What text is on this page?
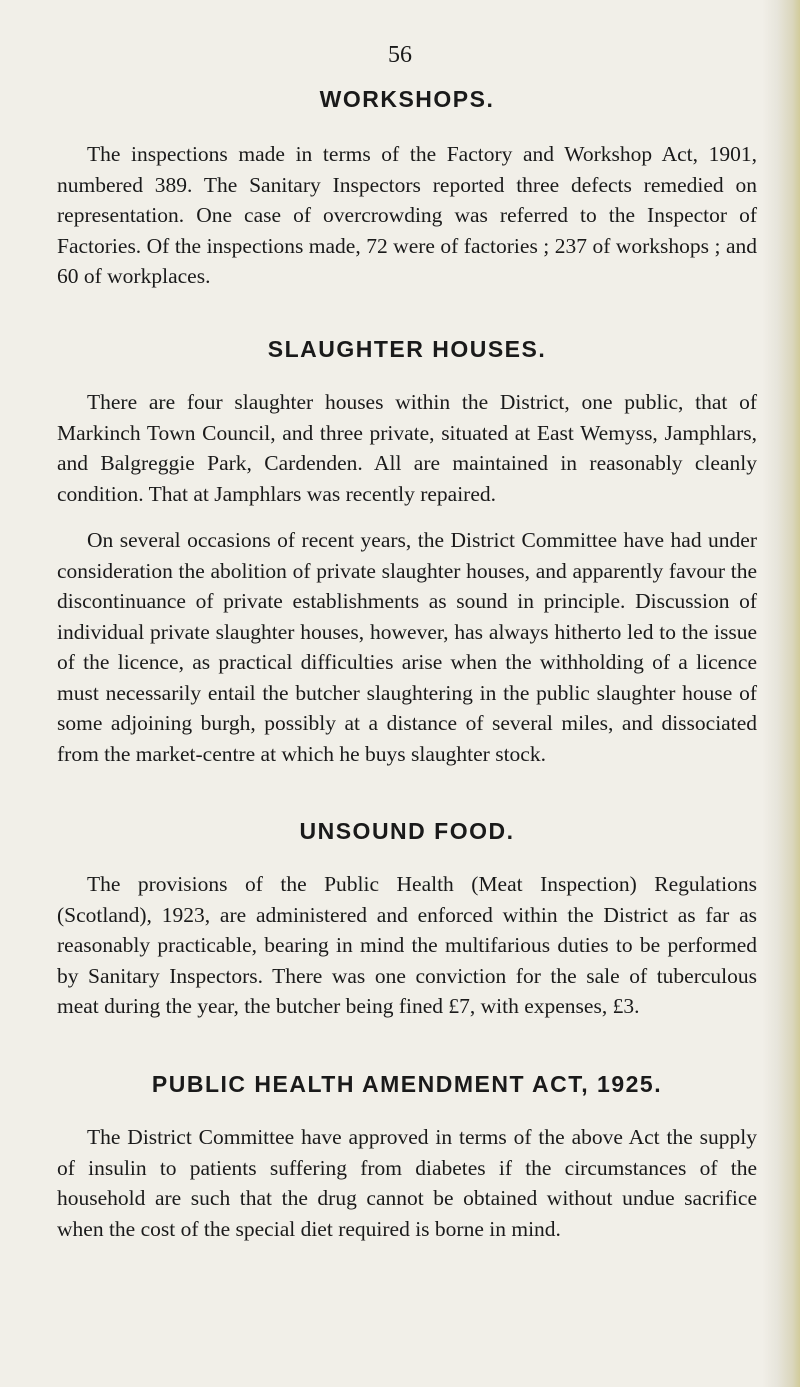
56
WORKSHOPS.

The inspections made in terms of the Factory and Workshop Act, 1901, numbered 389. The Sanitary Inspectors reported three defects remedied on representation. One case of overcrowding was referred to the Inspector of Factories. Of the inspections made, 72 were of factories ; 237 of workshops ; and 60 of workplaces.

SLAUGHTER HOUSES.

There are four slaughter houses within the District, one public, that of Markinch Town Council, and three private, situated at East Wemyss, Jamphlars, and Balgreggie Park, Cardenden. All are maintained in reasonably cleanly condition. That at Jamphlars was recently repaired.

On several occasions of recent years, the District Committee have had under consideration the abolition of private slaughter houses, and apparently favour the discontinuance of private establishments as sound in principle. Discussion of individual private slaughter houses, however, has always hitherto led to the issue of the licence, as practical difficulties arise when the withholding of a licence must necessarily entail the butcher slaughtering in the public slaughter house of some adjoining burgh, possibly at a distance of several miles, and dissociated from the market-centre at which he buys slaughter stock.

UNSOUND FOOD.

The provisions of the Public Health (Meat Inspection) Regulations (Scotland), 1923, are administered and enforced within the District as far as reasonably practicable, bearing in mind the multifarious duties to be performed by Sanitary Inspectors. There was one conviction for the sale of tuberculous meat during the year, the butcher being fined £7, with expenses, £3.

PUBLIC HEALTH AMENDMENT ACT, 1925.

The District Committee have approved in terms of the above Act the supply of insulin to patients suffering from diabetes if the circumstances of the household are such that the drug cannot be obtained without undue sacrifice when the cost of the special diet required is borne in mind.
